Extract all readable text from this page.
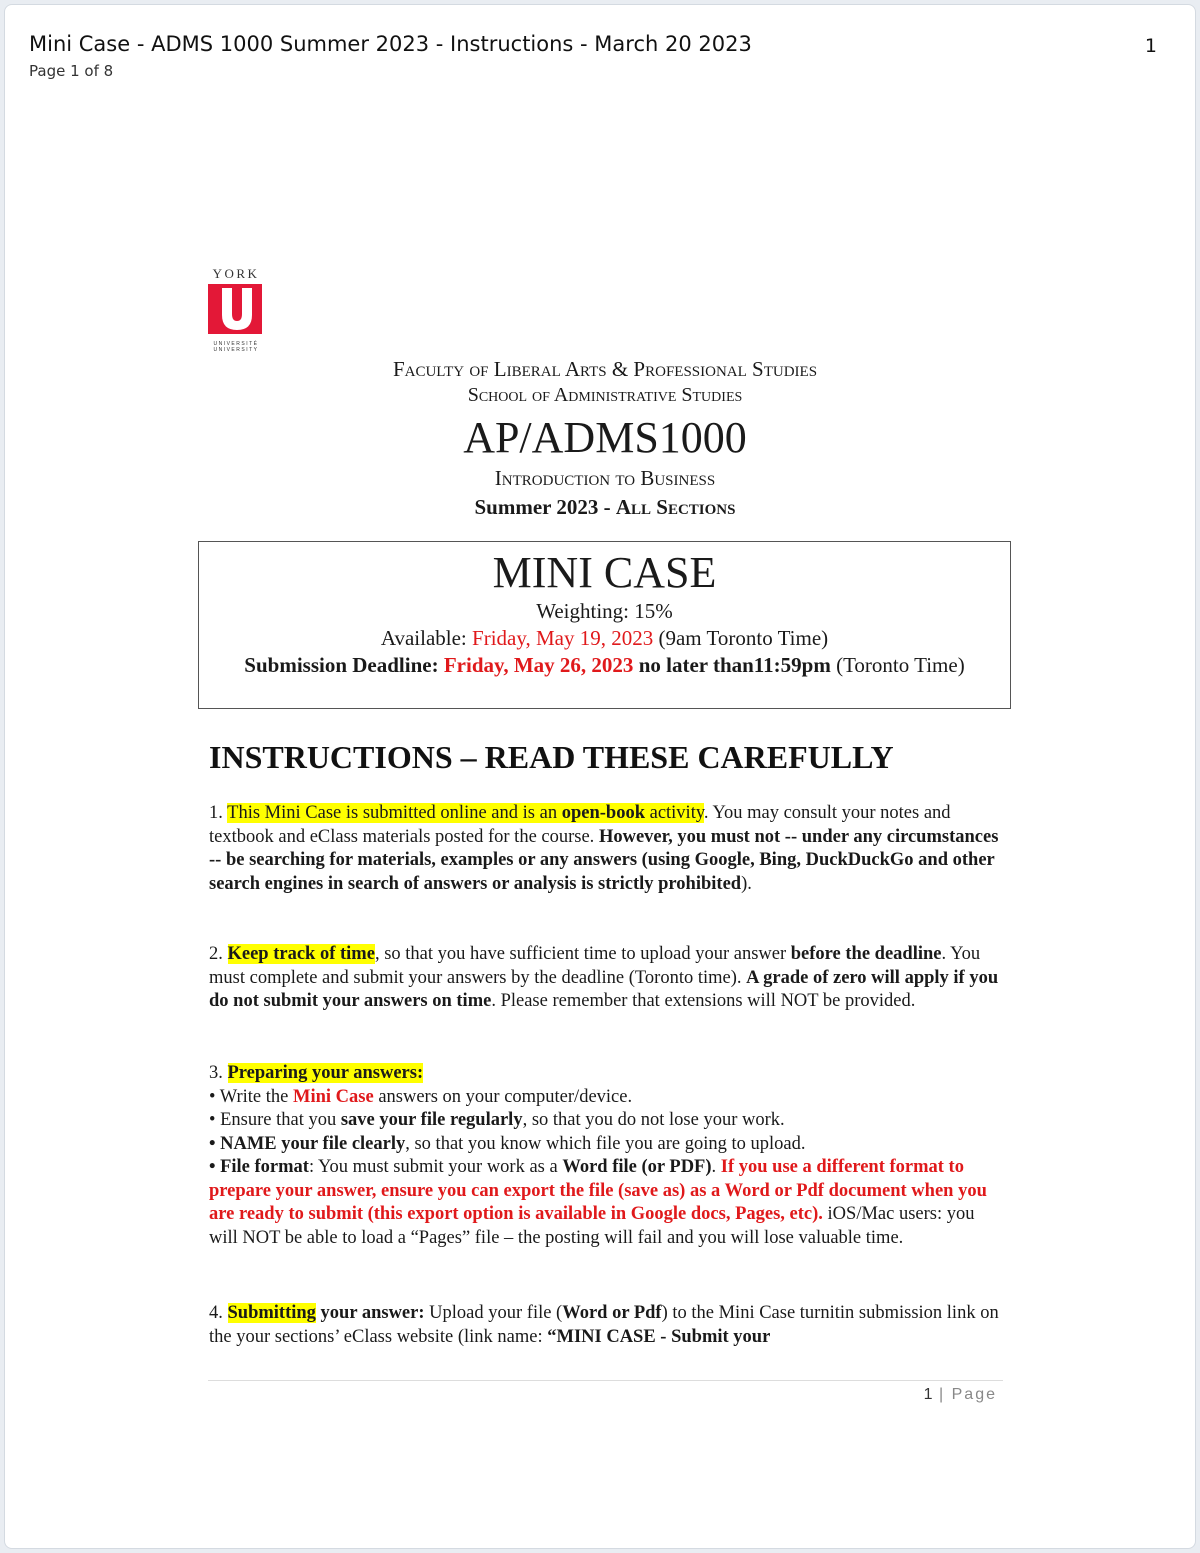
Mini Case - ADMS 1000 Summer 2023 - Instructions - March 20 2023
Page 1 of 8
1
YORK
UNIVERSITÉ UNIVERSITY
Faculty of Liberal Arts & Professional Studies
School of Administrative Studies
AP/ADMS1000
Introduction to Business
Summer 2023 - All Sections
MINI CASE
Weighting: 15%
Available: Friday, May 19, 2023 (9am Toronto Time)
Submission Deadline: Friday, May 26, 2023 no later than11:59pm (Toronto Time)
INSTRUCTIONS – READ THESE CAREFULLY
1. This Mini Case is submitted online and is an open-book activity. You may consult your notes and textbook and eClass materials posted for the course. However, you must not -- under any circumstances -- be searching for materials, examples or any answers (using Google, Bing, DuckDuckGo and other search engines in search of answers or analysis is strictly prohibited).
2. Keep track of time, so that you have sufficient time to upload your answer before the deadline. You must complete and submit your answers by the deadline (Toronto time). A grade of zero will apply if you do not submit your answers on time. Please remember that extensions will NOT be provided.
3. Preparing your answers:
• Write the Mini Case answers on your computer/device.
• Ensure that you save your file regularly, so that you do not lose your work.
• NAME your file clearly, so that you know which file you are going to upload.
• File format: You must submit your work as a Word file (or PDF). If you use a different format to prepare your answer, ensure you can export the file (save as) as a Word or Pdf document when you are ready to submit (this export option is available in Google docs, Pages, etc). iOS/Mac users: you will NOT be able to load a “Pages” file – the posting will fail and you will lose valuable time.
4. Submitting your answer: Upload your file (Word or Pdf) to the Mini Case turnitin submission link on the your sections’ eClass website (link name: “MINI CASE - Submit your
1 | Page
